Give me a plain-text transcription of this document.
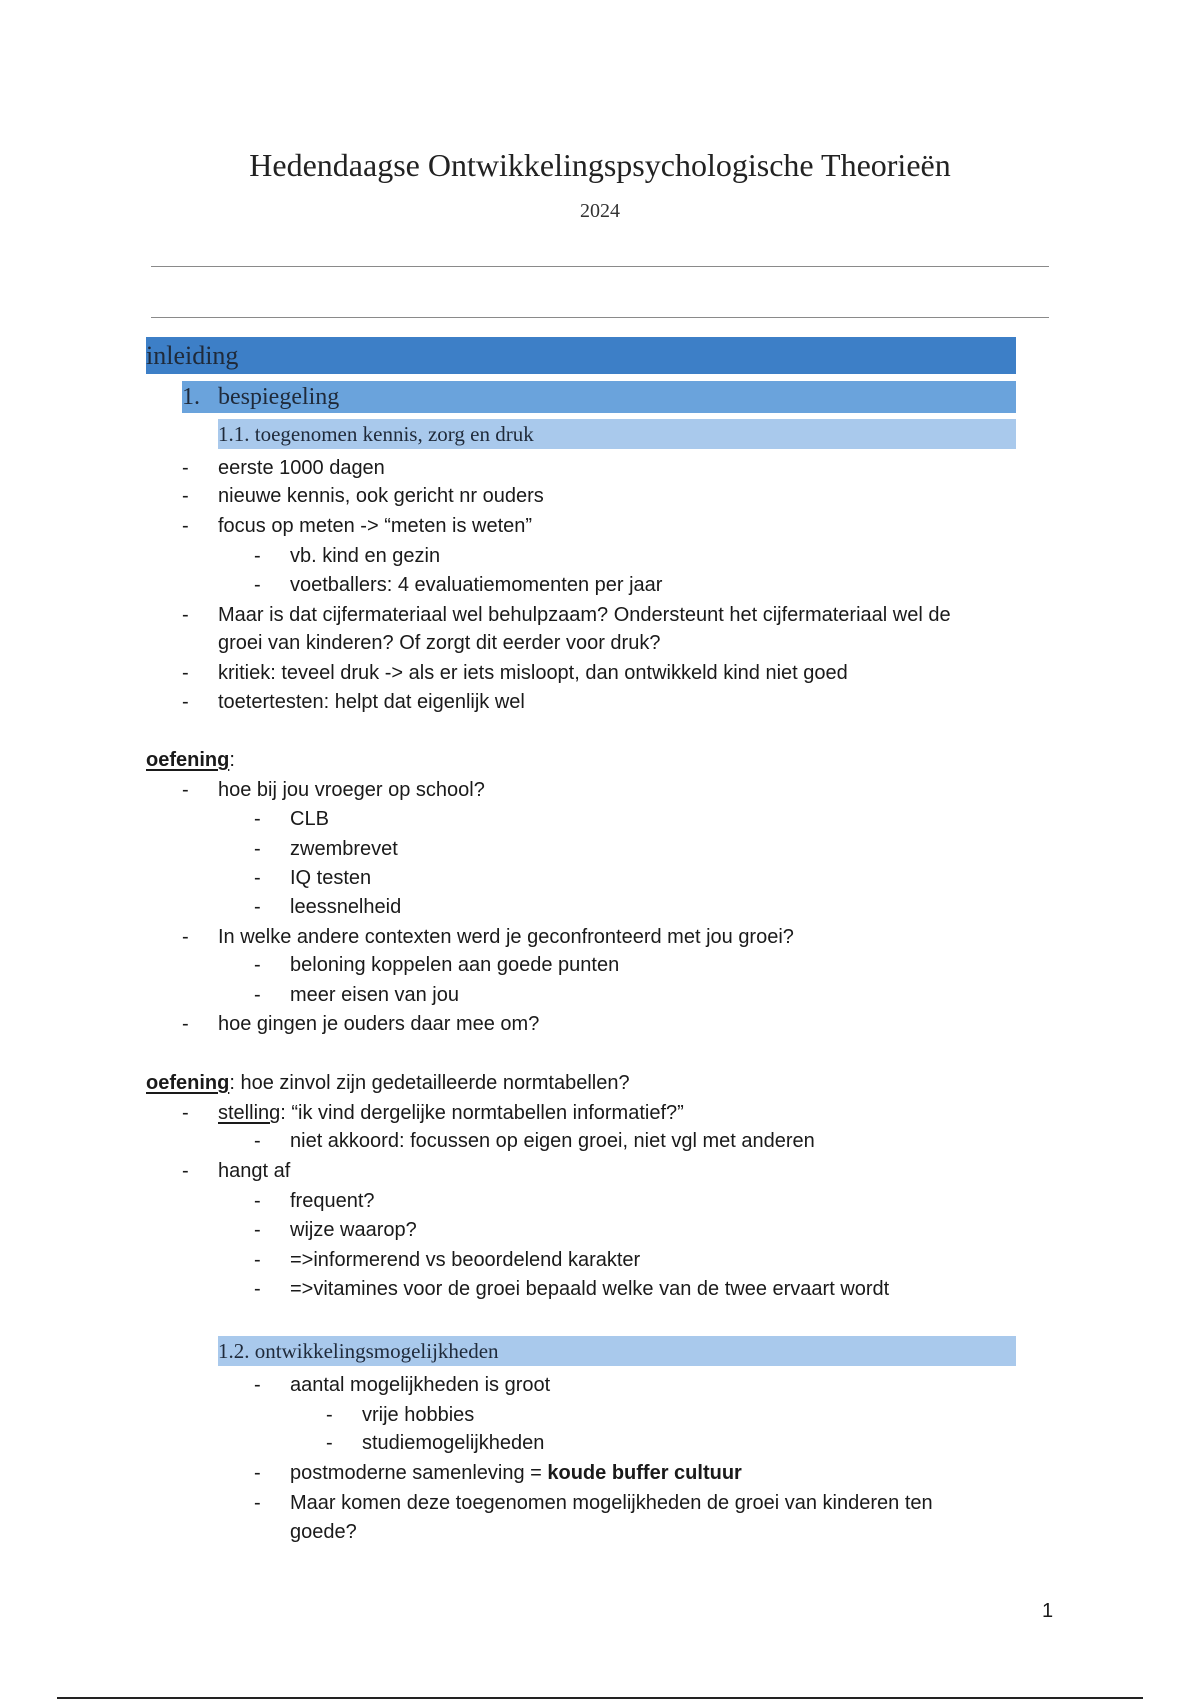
Hedendaagse Ontwikkelingspsychologische Theorieën
2024
inleiding
1. bespiegeling
1.1. toegenomen kennis, zorg en druk
- eerste 1000 dagen
- nieuwe kennis, ook gericht nr ouders
- focus op meten -> “meten is weten”
- vb. kind en gezin
- voetballers: 4 evaluatiemomenten per jaar
- Maar is dat cijfermateriaal wel behulpzaam? Ondersteunt het cijfermateriaal wel de
groei van kinderen? Of zorgt dit eerder voor druk?
- kritiek: teveel druk -> als er iets misloopt, dan ontwikkeld kind niet goed
- toetertesten: helpt dat eigenlijk wel
oefening:
- hoe bij jou vroeger op school?
- CLB
- zwembrevet
- IQ testen
- leessnelheid
- In welke andere contexten werd je geconfronteerd met jou groei?
- beloning koppelen aan goede punten
- meer eisen van jou
- hoe gingen je ouders daar mee om?
oefening: hoe zinvol zijn gedetailleerde normtabellen?
- stelling: “ik vind dergelijke normtabellen informatief?”
- niet akkoord: focussen op eigen groei, niet vgl met anderen
- hangt af
- frequent?
- wijze waarop?
- =>informerend vs beoordelend karakter
- =>vitamines voor de groei bepaald welke van de twee ervaart wordt
1.2. ontwikkelingsmogelijkheden
- aantal mogelijkheden is groot
- vrije hobbies
- studiemogelijkheden
- postmoderne samenleving = koude buffer cultuur
- Maar komen deze toegenomen mogelijkheden de groei van kinderen ten
goede?
1
